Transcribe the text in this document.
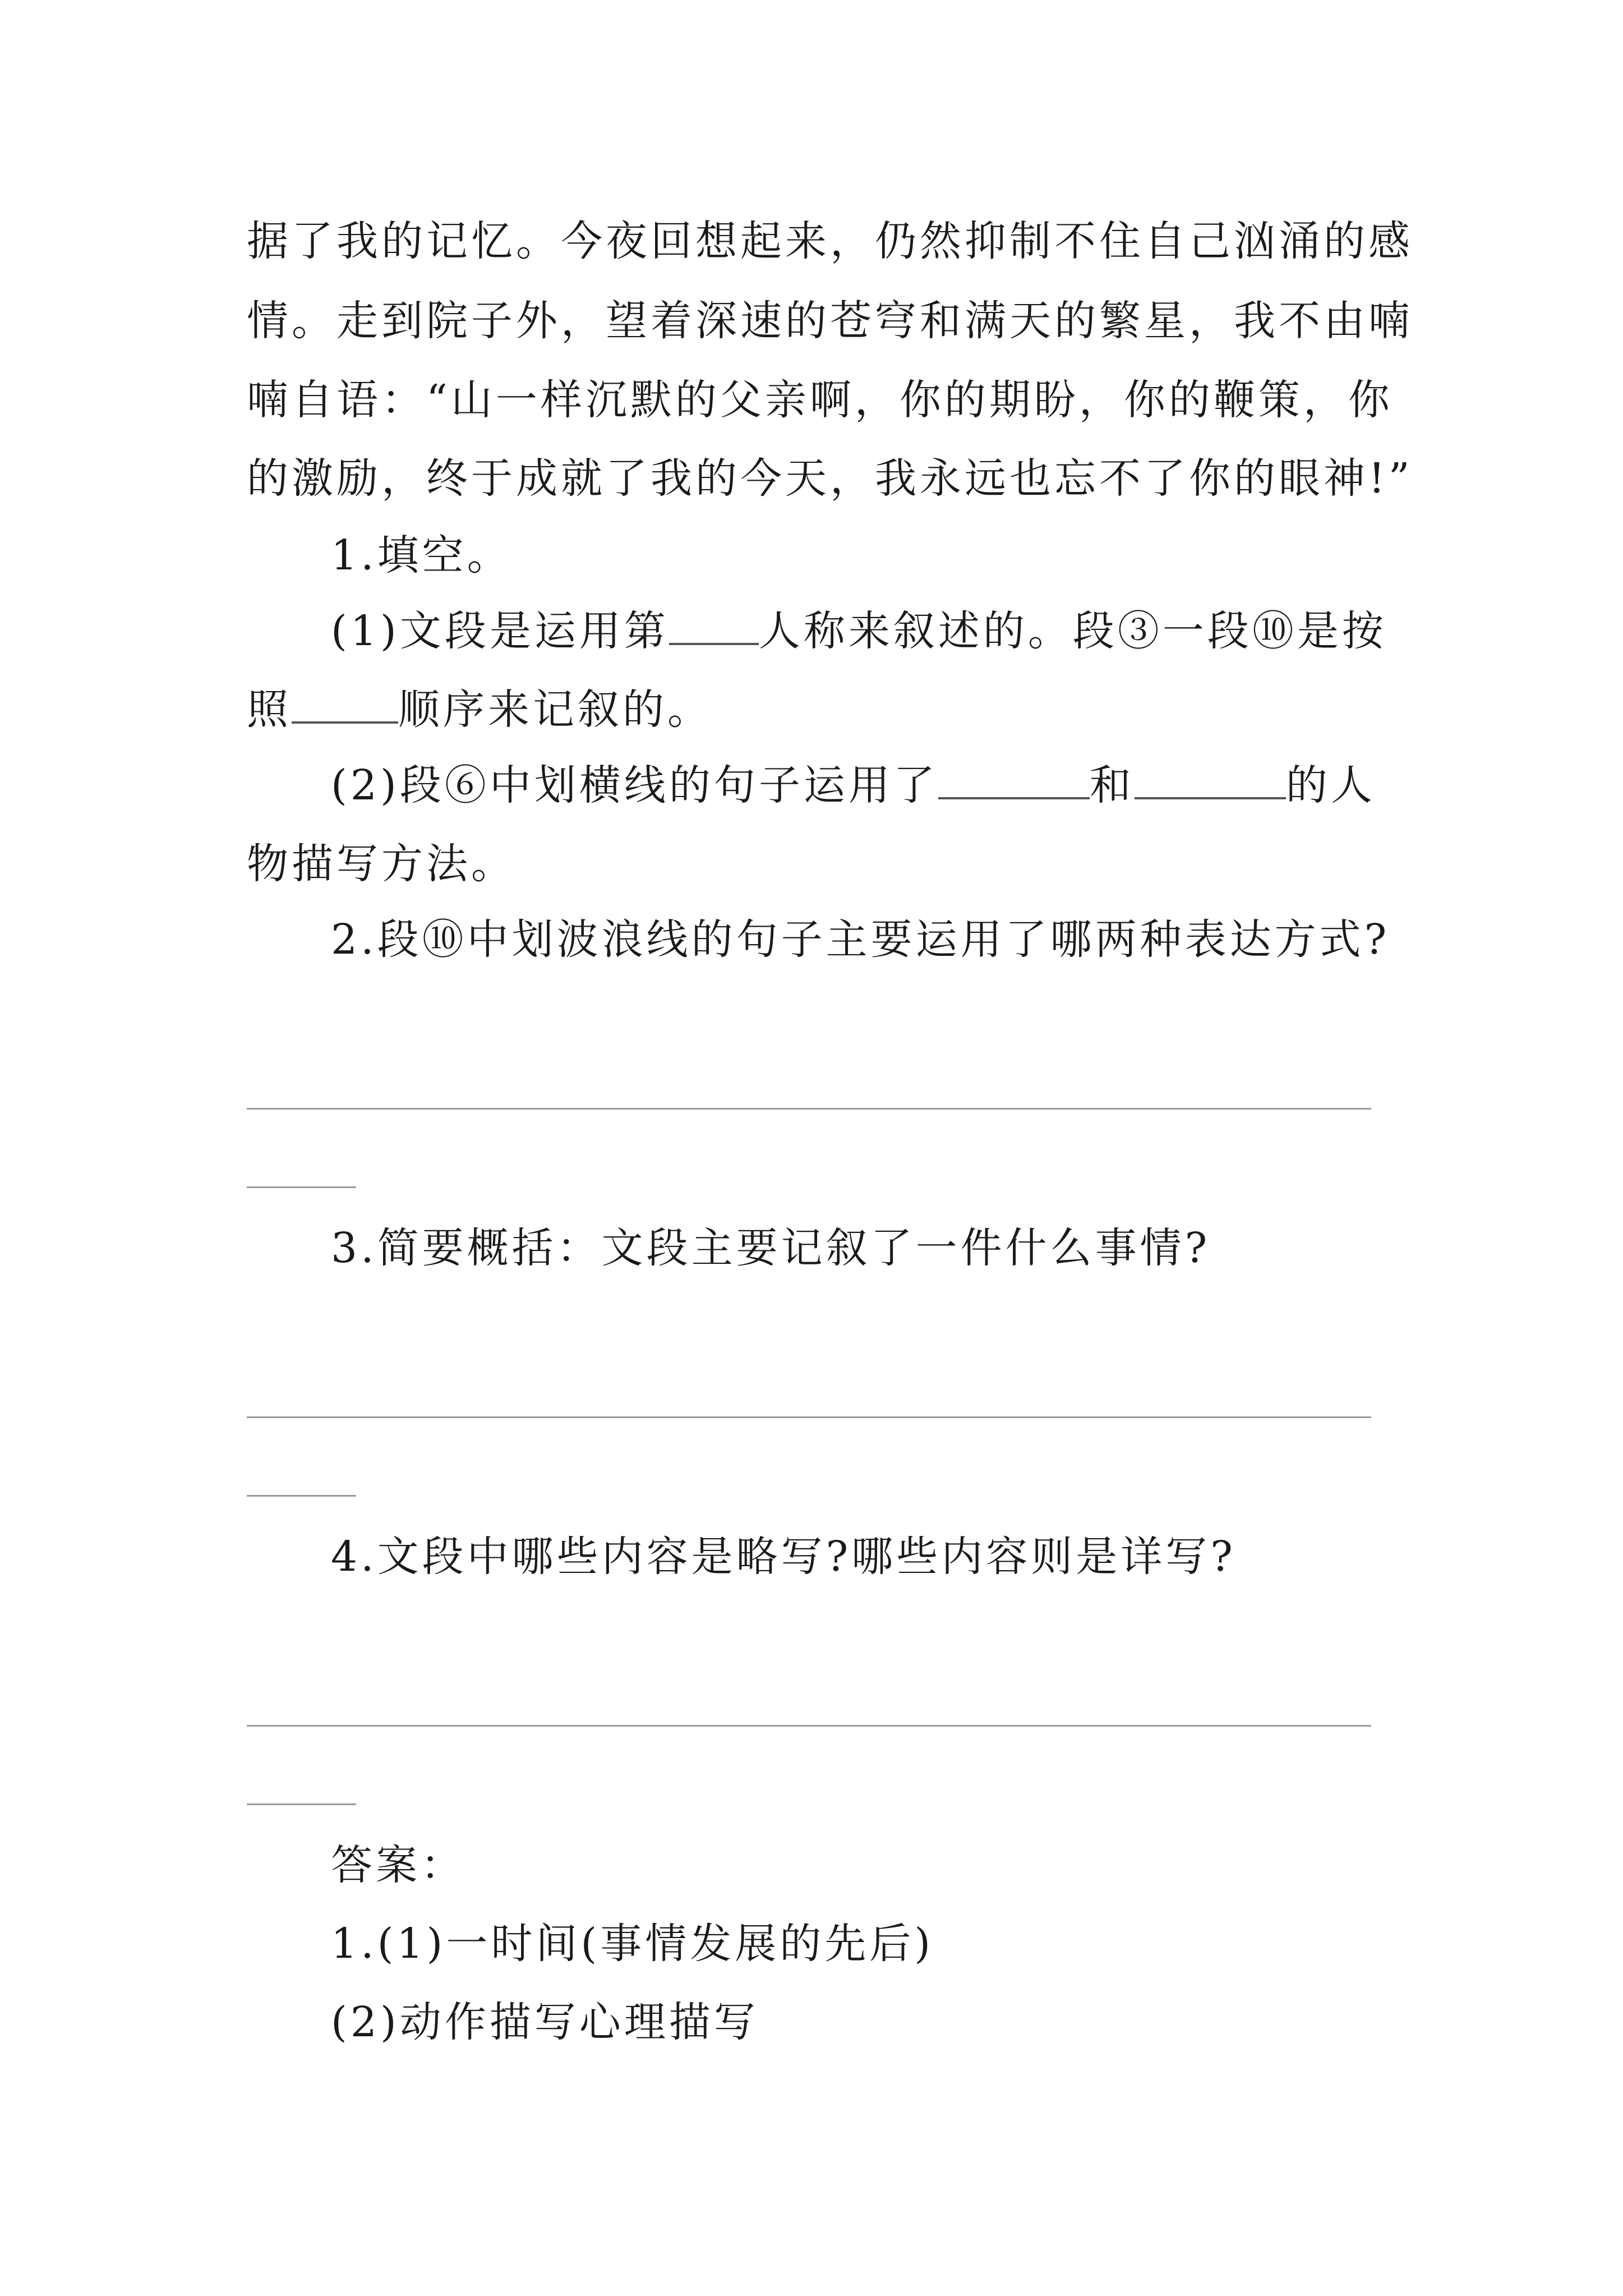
据了我的记忆。今夜回想起来，仍然抑制不住自己汹涌的感
情。走到院子外，望着深速的苍穹和满天的繁星，我不由喃
喃自语：“山一样沉默的父亲啊，你的期盼，你的鞭策，你
的激励，终于成就了我的今天，我永远也忘不了你的眼神!”
1.填空。
(1)文段是运用第 人称来叙述的。段③一段⑩是按
照	顺序来记叙的。
(2)段⑥中划横线的句子运用了	和	的人
物描写方法。
2.段⑩中划波浪线的句子主要运用了哪两种表达方式?
3.简要概括：文段主要记叙了一件什么事情?
4.文段中哪些内容是略写?哪些内容则是详写?
答案：
1.(1)一时间(事情发展的先后)
(2)动作描写心理描写
